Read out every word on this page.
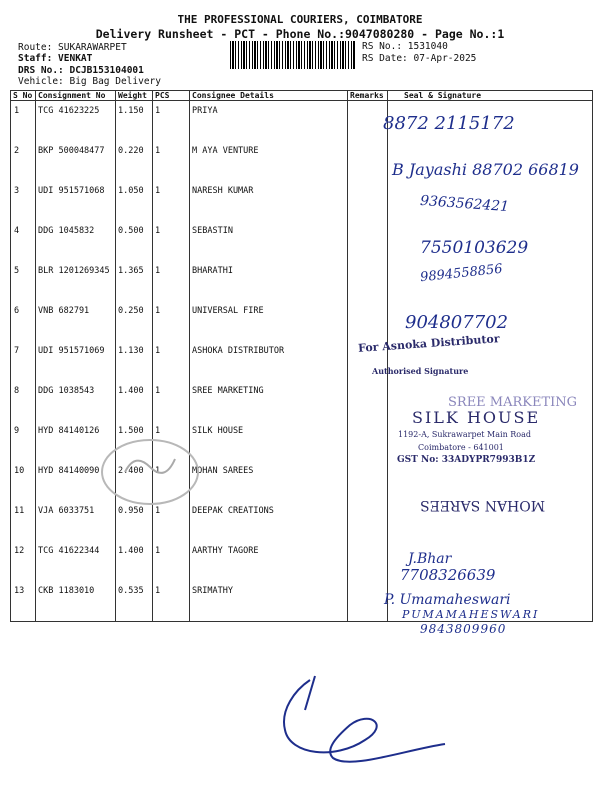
THE PROFESSIONAL COURIERS, COIMBATORE
Delivery Runsheet - PCT - Phone No.:9047080280 - Page No.:1
Route: SUKARAWARPET
Staff: VENKAT
DRS No.: DCJB153104001
Vehicle: Big Bag Delivery
RS No.: 1531040
RS Date: 07-Apr-2025
S No	Consignment No	Weight	PCS	Consignee Details	Remarks	Seal & Signature
1	TCG 41623225	1.150	1	PRIYA		
2	BKP 500048477	0.220	1	M AYA VENTURE		
3	UDI 951571068	1.050	1	NARESH KUMAR		
4	DDG 1045832	0.500	1	SEBASTIN		
5	BLR 1201269345	1.365	1	BHARATHI		
6	VNB 682791	0.250	1	UNIVERSAL FIRE		
7	UDI 951571069	1.130	1	ASHOKA DISTRIBUTOR		
8	DDG 1038543	1.400	1	SREE MARKETING		
9	HYD 84140126	1.500	1	SILK HOUSE		
10	HYD 84140090	2.400	1	MOHAN SAREES		
11	VJA 6033751	0.950	1	DEEPAK CREATIONS		
12	TCG 41622344	1.400	1	AARTHY TAGORE		
13	CKB 1183010	0.535	1	SRIMATHY		
8872 2115172
B Jayashi 88702 66819
9363562421
7550103629
9894558856
904807702
For Asnoka Distributor
Authorised Signature
SREE MARKETING
SILK HOUSE
1192-A, Sukrawarpet Main Road
Coimbatore - 641001
GST No: 33ADYPR7993B1Z
MOHAN SAREES
J.Bhar
7708326639
P. Umamaheswari
PUMAMAHESWARI
9843809960
